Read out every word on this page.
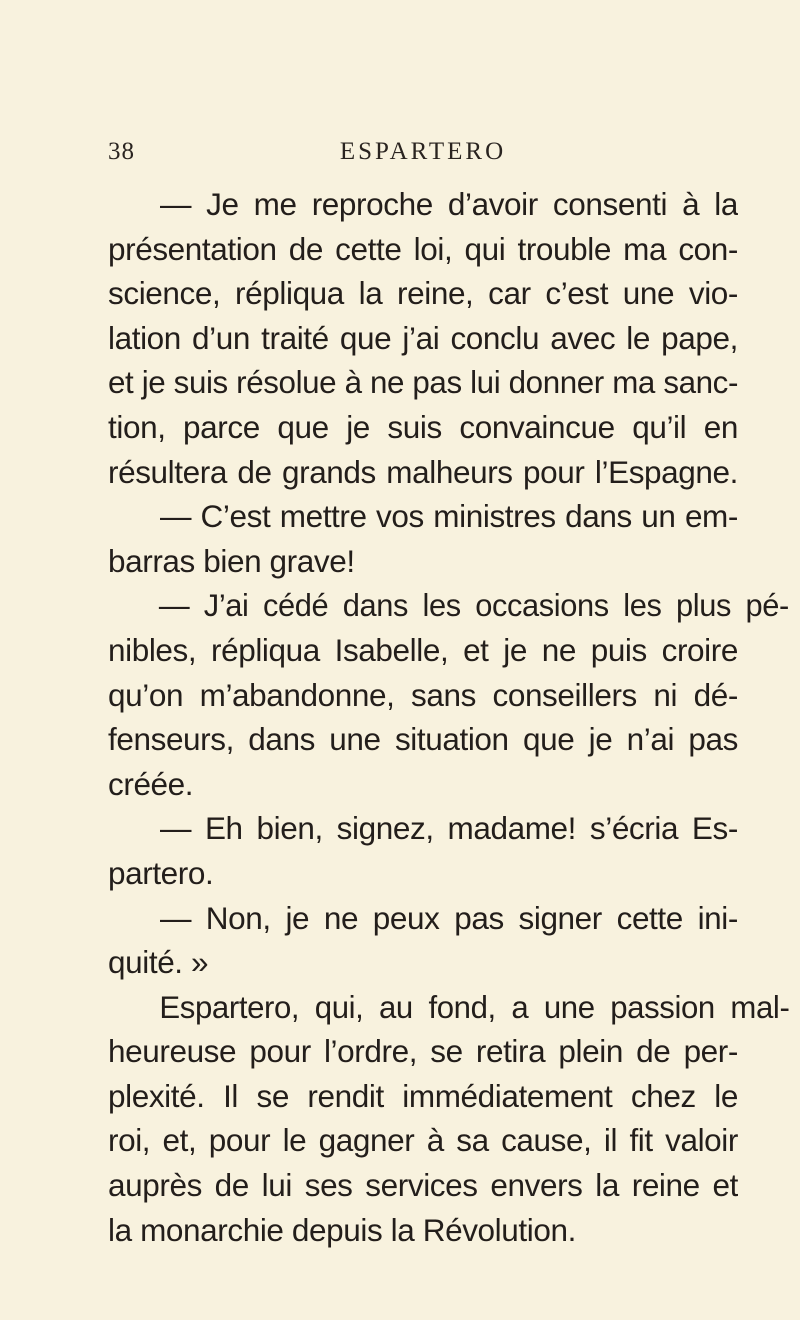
38	ESPARTERO
— Je me reproche d’avoir consenti à la
présentation de cette loi, qui trouble ma con-
science, répliqua la reine, car c’est une vio-
lation d’un traité que j’ai conclu avec le pape,
et je suis résolue à ne pas lui donner ma sanc-
tion, parce que je suis convaincue qu’il en
résultera de grands malheurs pour l’Espagne.
— C’est mettre vos ministres dans un em-
barras bien grave!
— J’ai cédé dans les occasions les plus pé-
nibles, répliqua Isabelle, et je ne puis croire
qu’on m’abandonne, sans conseillers ni dé-
fenseurs, dans une situation que je n’ai pas
créée.
— Eh bien, signez, madame! s’écria Es-
partero.
— Non, je ne peux pas signer cette ini-
quité. »
Espartero, qui, au fond, a une passion mal-
heureuse pour l’ordre, se retira plein de per-
plexité. Il se rendit immédiatement chez le
roi, et, pour le gagner à sa cause, il fit valoir
auprès de lui ses services envers la reine et
la monarchie depuis la Révolution.
